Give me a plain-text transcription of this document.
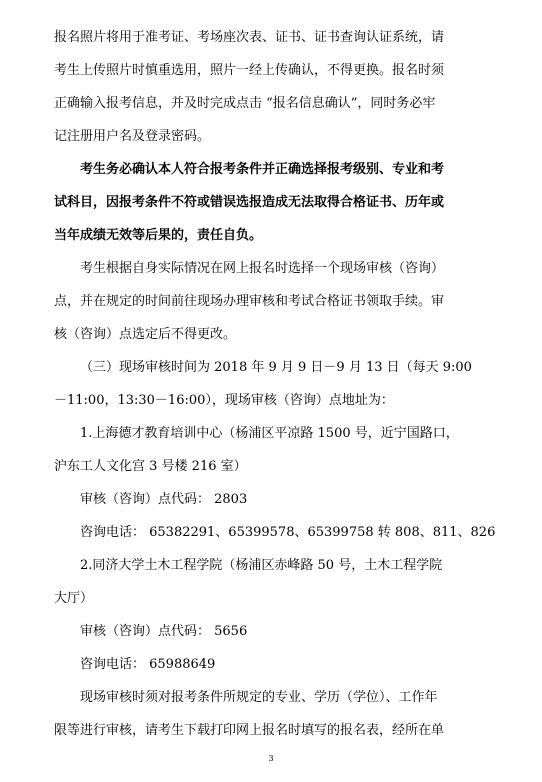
报名照片将用于准考证、考场座次表、证书、证书查询认证系统，请
考生上传照片时慎重选用，照片一经上传确认，不得更换。报名时须
正确输入报考信息，并及时完成点击 “报名信息确认”，同时务必牢
记注册用户名及登录密码。
考生务必确认本人符合报考条件并正确选择报考级别、专业和考
试科目，因报考条件不符或错误选报造成无法取得合格证书、历年或
当年成绩无效等后果的，责任自负。
考生根据自身实际情况在网上报名时选择一个现场审核（咨询）
点，并在规定的时间前往现场办理审核和考试合格证书领取手续。审
核（咨询）点选定后不得更改。
（三）现场审核时间为 2018 年 9 月 9 日－9 月 13 日（每天 9:00
－11:00，13:30－16:00），现场审核（咨询）点地址为：
1.上海德才教育培训中心（杨浦区平凉路 1500 号，近宁国路口，
沪东工人文化宫 3 号楼 216 室）
审核（咨询）点代码： 2803
咨询电话： 65382291、65399578、65399758 转 808、811、826
2.同济大学土木工程学院（杨浦区赤峰路 50 号，土木工程学院
大厅）
审核（咨询）点代码： 5656
咨询电话： 65988649
现场审核时须对报考条件所规定的专业、学历（学位）、工作年
限等进行审核，请考生下载打印网上报名时填写的报名表，经所在单
3
